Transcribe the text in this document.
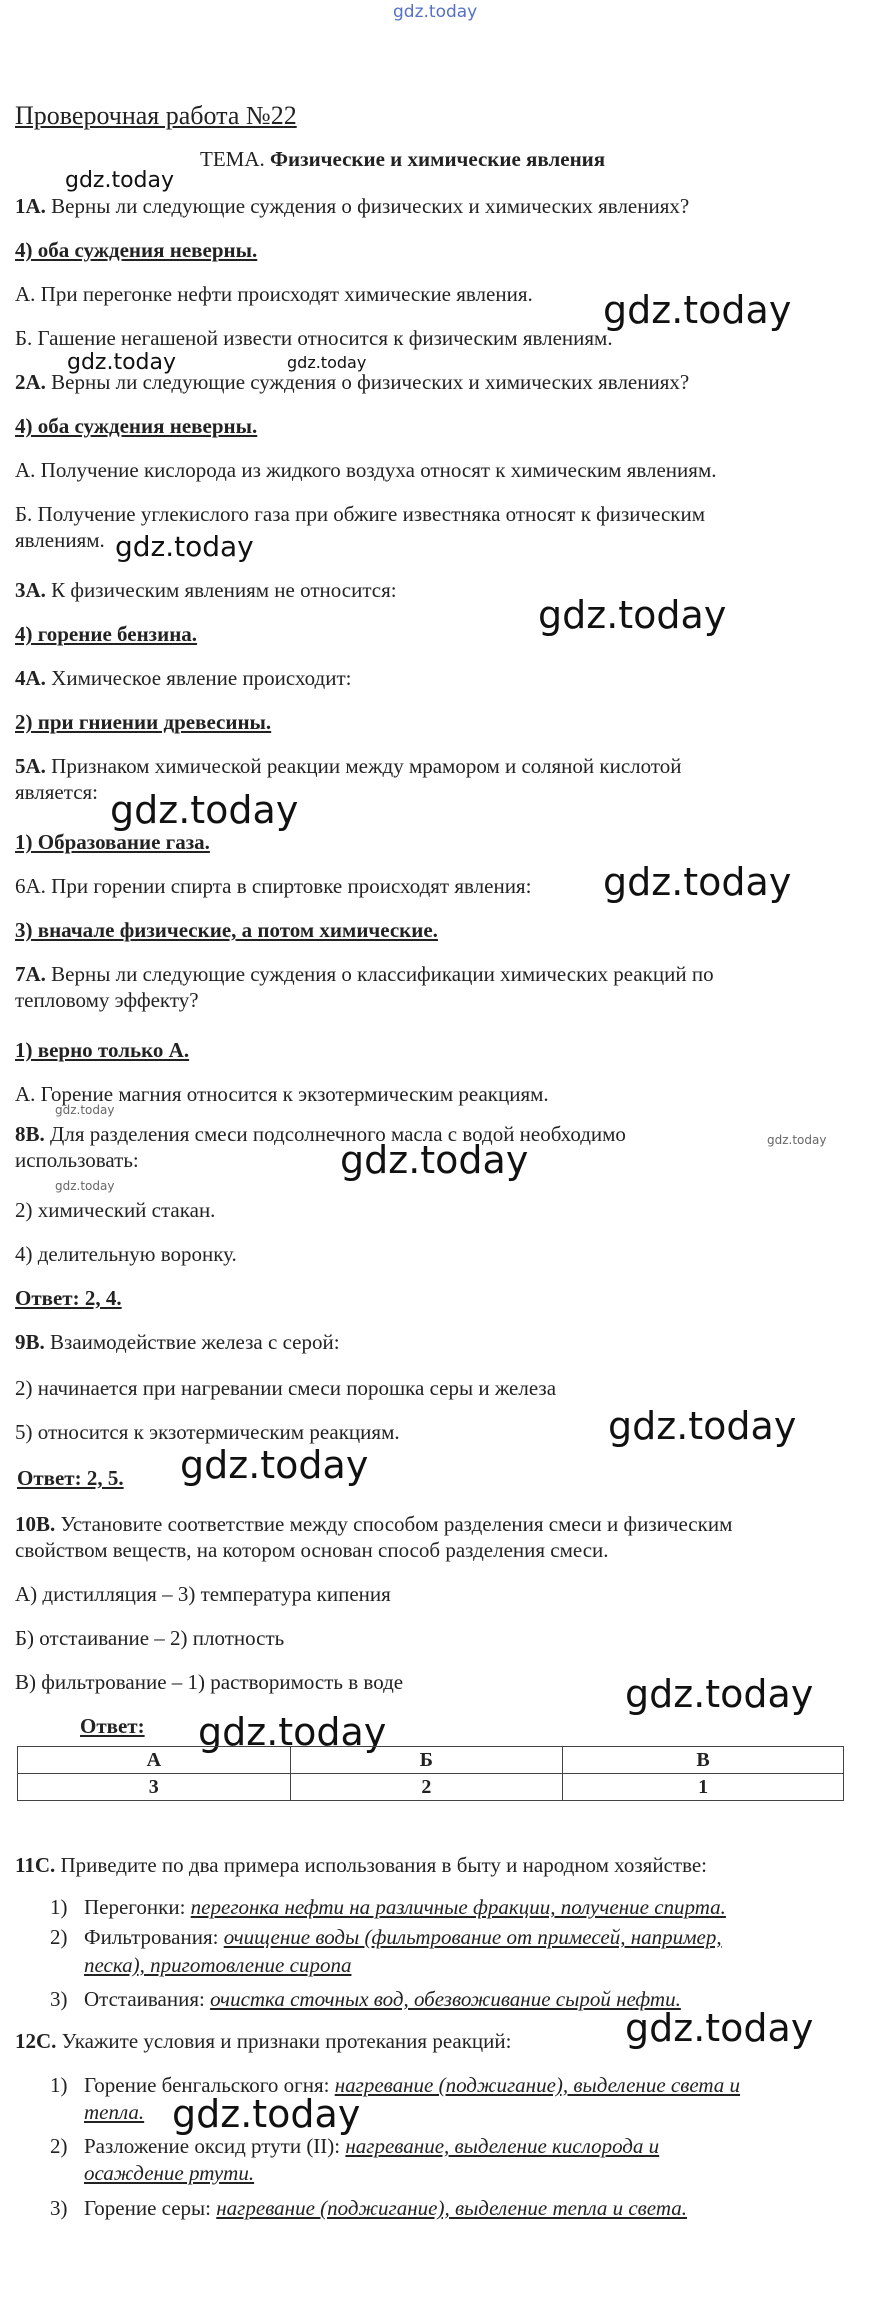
gdz.today
Проверочная работа №22
ТЕМА. Физические и химические явления
gdz.today
1А. Верны ли следующие суждения о физических и химических явлениях?
4) оба суждения неверны.
А. При перегонке нефти происходят химические явления. gdz.today
Б. Гашение негашеной извести относится к физическим явлениям.
gdz.today	gdz.today
2А. Верны ли следующие суждения о физических и химических явлениях?
4) оба суждения неверны.
А. Получение кислорода из жидкого воздуха относят к химическим явлениям.
Б. Получение углекислого газа при обжиге известняка относят к физическим
явлениям. gdz.today
3А. К физическим явлениям не относится:
gdz.today
4) горение бензина.
4А. Химическое явление происходит:
2) при гниении древесины.
5А. Признаком химической реакции между мрамором и соляной кислотой
является: gdz.today
1) Образование газа.
6А. При горении спирта в спиртовке происходят явления: gdz.today
3) вначале физические, а потом химические.
7А. Верны ли следующие суждения о классификации химических реакций по
тепловому эффекту?
1) верно только А.
А. Горение магния относится к экзотермическим реакциям.
gdz.today
8В. Для разделения смеси подсолнечного масла с водой необходимо	gdz.today
использовать:	gdz.today
gdz.today
2) химический стакан.
4) делительную воронку.
Ответ: 2, 4.
9В. Взаимодействие железа с серой:
2) начинается при нагревании смеси порошка серы и железа
5) относится к экзотермическим реакциям.	gdz.today
Ответ: 2, 5. gdz.today
10В. Установите соответствие между способом разделения смеси и физическим
свойством веществ, на котором основан способ разделения смеси.
А) дистилляция – 3) температура кипения
Б) отстаивание – 2) плотность
В) фильтрование – 1) растворимость в воде	gdz.today
Ответ: gdz.today
А	Б	В
3	2	1
11С. Приведите по два примера использования в быту и народном хозяйстве:
1) Перегонки: перегонка нефти на различные фракции, получение спирта.
2) Фильтрования: очищение воды (фильтрование от примесей, например,
песка), приготовление сиропа
3) Отстаивания: очистка сточных вод, обезвоживание сырой нефти.
12С. Укажите условия и признаки протекания реакций:	gdz.today
1) Горение бенгальского огня: нагревание (поджигание), выделение света и
тепла. gdz.today
2) Разложение оксид ртути (II): нагревание, выделение кислорода и
осаждение ртути.
3) Горение серы: нагревание (поджигание), выделение тепла и света.
